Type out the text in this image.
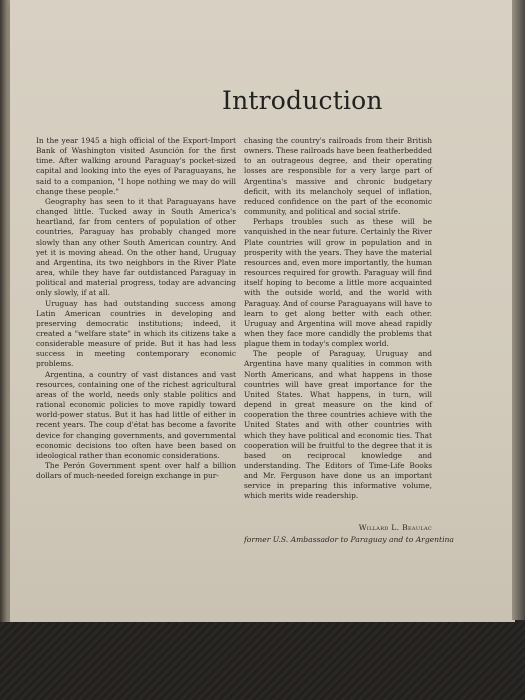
Introduction

In the year 1945 a high official of the Export-Import Bank of Washington visited Asunción for the first time. After walking around Paraguay's pocket-sized capital and looking into the eyes of Paraguayans, he said to a companion, "I hope nothing we may do will change these people."

Geography has seen to it that Paraguayans have changed little. Tucked away in South America's heartland, far from centers of population of other countries, Paraguay has probably changed more slowly than any other South American country. And yet it is moving ahead. On the other hand, Uruguay and Argentina, its two neighbors in the River Plate area, while they have far outdistanced Paraguay in political and material progress, today are advancing only slowly, if at all.

Uruguay has had outstanding success among Latin American countries in developing and preserving democratic institutions; indeed, it created a "welfare state" in which its citizens take a considerable measure of pride. But it has had less success in meeting contemporary economic problems.

Argentina, a country of vast distances and vast resources, containing one of the richest agricultural areas of the world, needs only stable politics and rational economic policies to move rapidly toward world-power status. But it has had little of either in recent years. The coup d'état has become a favorite device for changing governments, and governmental economic decisions too often have been based on ideological rather than economic considerations.

The Perón Government spent over half a billion dollars of much-needed foreign exchange in pur-

chasing the country's railroads from their British owners. These railroads have been featherbedded to an outrageous degree, and their operating losses are responsible for a very large part of Argentina's massive and chronic budgetary deficit, with its melancholy sequel of inflation, reduced confidence on the part of the economic community, and political and social strife.

Perhaps troubles such as these will be vanquished in the near future. Certainly the River Plate countries will grow in population and in prosperity with the years. They have the material resources and, even more importantly, the human resources required for growth. Paraguay will find itself hoping to become a little more acquainted with the outside world, and the world with Paraguay. And of course Paraguayans will have to learn to get along better with each other. Uruguay and Argentina will move ahead rapidly when they face more candidly the problems that plague them in today's complex world.

The people of Paraguay, Uruguay and Argentina have many qualities in common with North Americans, and what happens in those countries will have great importance for the United States. What happens, in turn, will depend in great measure on the kind of cooperation the three countries achieve with the United States and with other countries with which they have political and economic ties. That cooperation will be fruitful to the degree that it is based on reciprocal knowledge and understanding. The Editors of Time-Life Books and Mr. Ferguson have done us an important service in preparing this informative volume, which merits wide readership.

Willard L. Beaulac
former U.S. Ambassador to Paraguay and to Argentina
